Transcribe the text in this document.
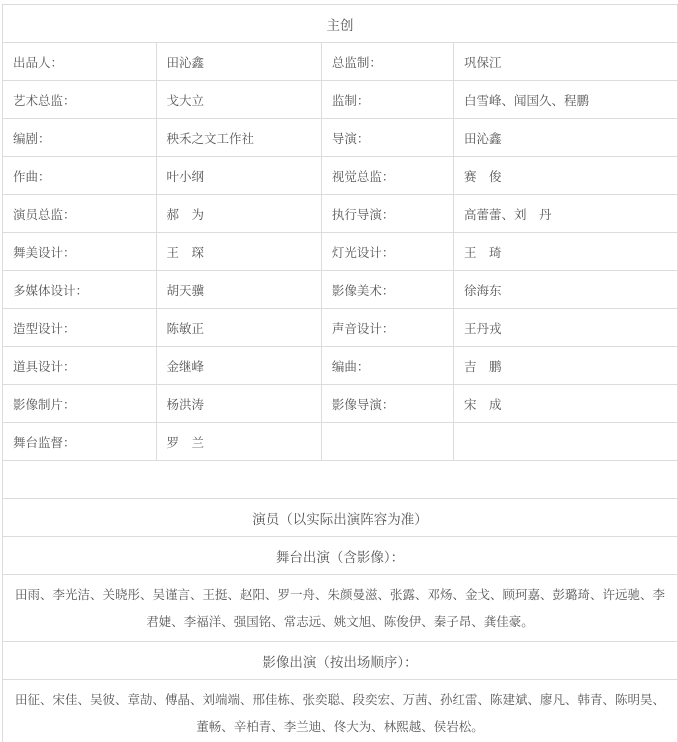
主创			
出品人：	田沁鑫	总监制：	巩保江
艺术总监：	戈大立	监制：	白雪峰、闻国久、程鹏
编剧：	秧禾之文工作社	导演：	田沁鑫
作曲：	叶小纲	视觉总监：	赛　俊
演员总监：	郝　为	执行导演：	高蕾蕾、刘　丹
舞美设计：	王　琛	灯光设计：	王　琦
多媒体设计：	胡天骥	影像美术：	徐海东
造型设计：	陈敏正	声音设计：	王丹戎
道具设计：	金继峰	编曲：	吉　鹏
影像制片：	杨洪涛	影像导演：	宋　成
舞台监督：	罗　兰		

演员（以实际出演阵容为准）			
舞台出演（含影像）：			
田雨、李光洁、关晓彤、吴谨言、王挺、赵阳、罗一舟、朱颜曼滋、张露、邓炀、金戈、顾珂嘉、彭璐琦、许远驰、李君婕、李福洋、强国铭、常志远、姚文旭、陈俊伊、秦子昂、龚佳豪。			
影像出演（按出场顺序）：			
田征、宋佳、吴彼、章劼、傅晶、刘端端、邢佳栋、张奕聪、段奕宏、万茜、孙红雷、陈建斌、廖凡、韩青、陈明昊、董畅、辛柏青、李兰迪、佟大为、林熙越、侯岩松。			
